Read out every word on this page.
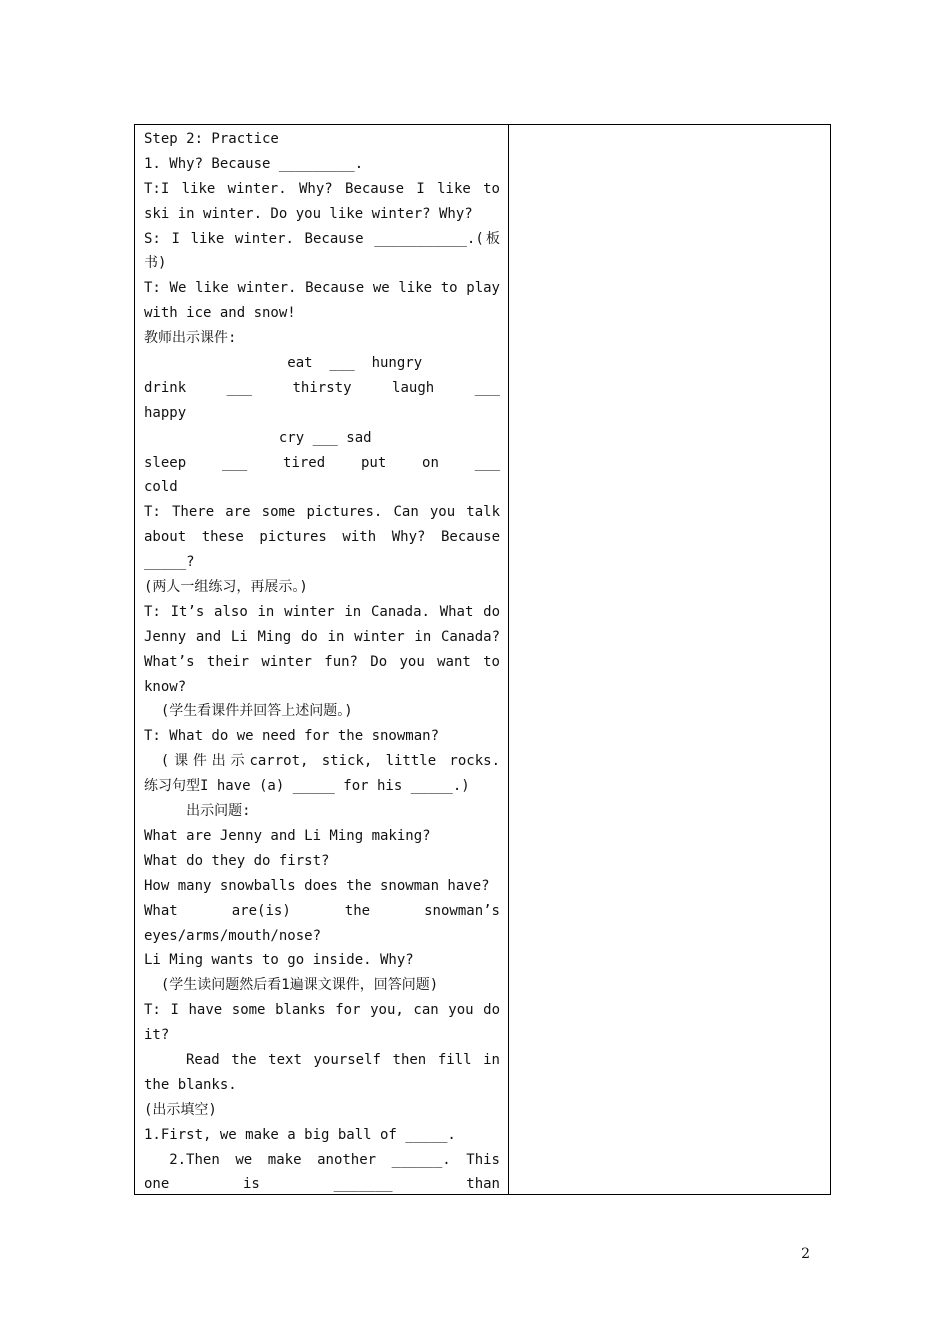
Step 2: Practice
1. Why? Because _________.
T:I like winter. Why? Because I like to
ski in winter. Do you like winter? Why?
S: I like winter. Because ___________.(板
书)
T: We like winter. Because we like to play
with ice and snow!
教师出示课件:
eat  ___  hungry
drink ___ thirsty laugh ___
happy
cry ___ sad
sleep ___ tired put on ___
cold
T: There are some pictures. Can you talk
about these pictures with Why? Because
_____?
(两人一组练习，再展示。)
T: It’s also in winter in Canada. What do
Jenny and Li Ming do in winter in Canada?
What’s their winter fun? Do you want to
know?
(学生看课件并回答上述问题。)
T: What do we need for the snowman?
(课件出示carrot, stick, little rocks.
练习句型I have (a) _____ for his _____.)
出示问题:
What are Jenny and Li Ming making?
What do they do first?
How many snowballs does the snowman have?
What are(is) the snowman’s
eyes/arms/mouth/nose?
Li Ming wants to go inside. Why?
(学生读问题然后看1遍课文课件，回答问题)
T: I have some blanks for you, can you do
it?
Read the text yourself then fill in
the blanks.
(出示填空)
1.First, we make a big ball of _____.
2.Then we make another ______. This
one is _______ than
2
